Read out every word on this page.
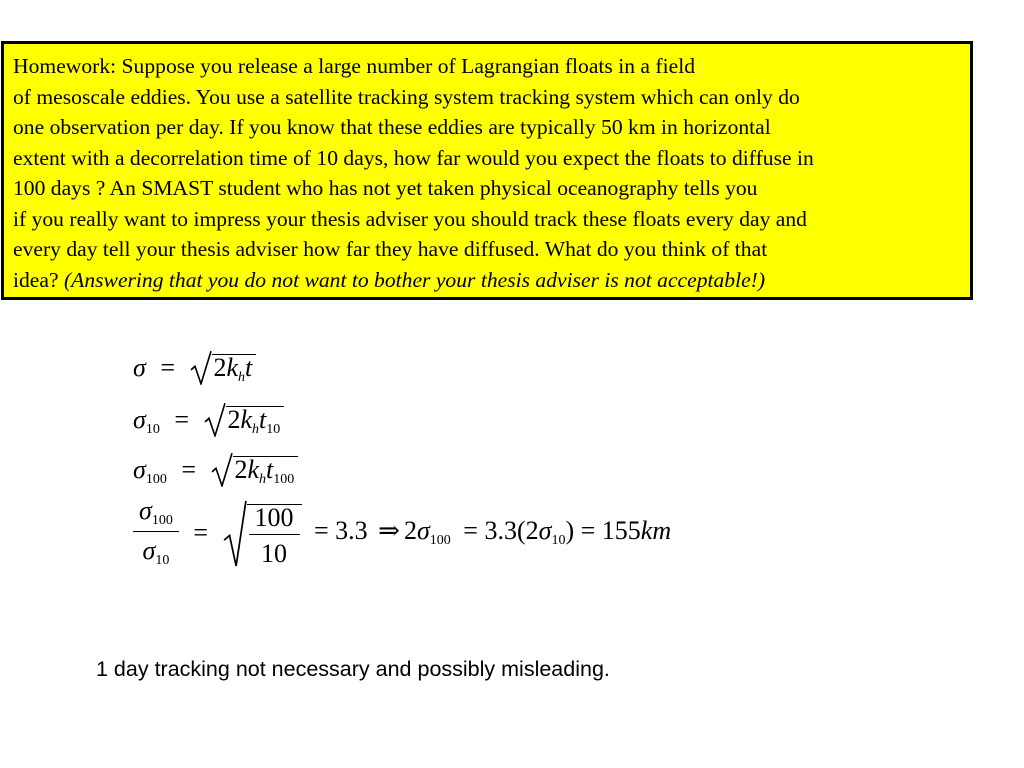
Homework: Suppose you release a large number of Lagrangian floats in a field
of mesoscale eddies. You use a satellite tracking system tracking system which can only do
one observation per day. If you know that these eddies are typically 50 km in horizontal
extent with a decorrelation time of 10 days, how far would you expect the floats to diffuse in
100 days ? An SMAST student who has not yet taken physical oceanography tells you
if you really want to impress your thesis adviser you should track these floats every day and
every day tell your thesis adviser how far they have diffused. What do you think of that
idea? (Answering that you do not want to bother your thesis adviser is not acceptable!)
$\sigma = 2k_ht$
$\sigma_{10} = 2k_ht_{10}$
$\sigma_{100} = 2k_ht_{100}$
$\frac{\sigma_{100}}{\sigma_{10}} = \frac{100}{10} = 3.3$ ⇒ $2\sigma_{100} = 3.3(2\sigma_{10}) = 155km$
1 day tracking not necessary and possibly misleading.
